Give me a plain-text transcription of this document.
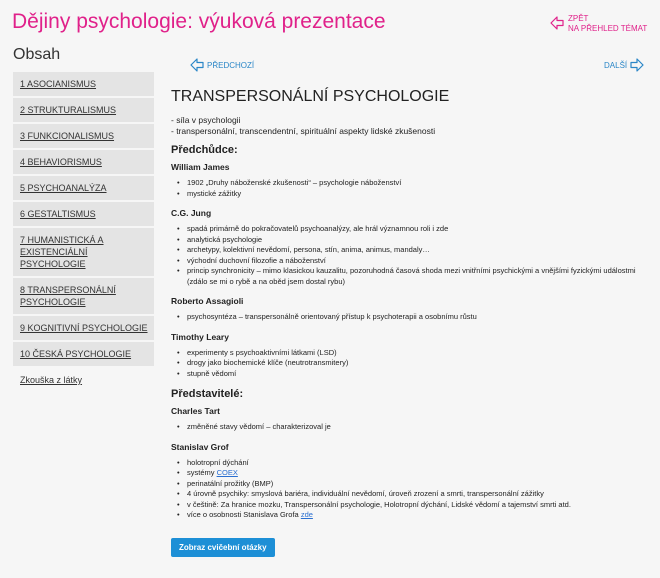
Dějiny psychologie: výuková prezentace	ZPĚT
NA PŘEHLED TÉMAT
Obsah
1 ASOCIANISMUS
2 STRUKTURALISMUS
3 FUNKCIONALISMUS
4 BEHAVIORISMUS
5 PSYCHOANALÝZA
6 GESTALTISMUS
7 HUMANISTICKÁ A EXISTENCIÁLNÍ PSYCHOLOGIE
8 TRANSPERSONÁLNÍ PSYCHOLOGIE
9 KOGNITIVNÍ PSYCHOLOGIE
10 ČESKÁ PSYCHOLOGIE
Zkouška z látky
PŘEDCHOZÍ	DALŠÍ
TRANSPERSONÁLNÍ PSYCHOLOGIE
- síla v psychologii
- transpersonální, transcendentní, spirituální aspekty lidské zkušenosti
Předchůdce:
William James
• 1902 „Druhy náboženské zkušenosti“ – psychologie náboženství
• mystické zážitky
C.G. Jung
• spadá primárně do pokračovatelů psychoanalýzy, ale hrál významnou roli i zde
• analytická psychologie
• archetypy, kolektivní nevědomí, persona, stín, anima, animus, mandaly…
• východní duchovní filozofie a náboženství
• princip synchronicity – mimo klasickou kauzalitu, pozoruhodná časová shoda mezi vnitřními psychickými a vnějšími fyzickými událostmi (zdálo se mi o rybě a na oběd jsem dostal rybu)
Roberto Assagioli
• psychosyntéza – transpersonálně orientovaný přístup k psychoterapii a osobnímu růstu
Timothy Leary
• experimenty s psychoaktivními látkami (LSD)
• drogy jako biochemické klíče (neutrotransmitery)
• stupně vědomí
Představitelé:
Charles Tart
• změněné stavy vědomí – charakterizoval je
Stanislav Grof
• holotropní dýchání
• systémy COEX
• perinatální prožitky (BMP)
• 4 úrovně psychiky: smyslová bariéra, individuální nevědomí, úroveň zrození a smrti, transpersonální zážitky
• v češtině: Za hranice mozku, Transpersonální psychologie, Holotropní dýchání, Lidské vědomí a tajemství smrti atd.
• více o osobnosti Stanislava Grofa zde
Zobraz cvičební otázky
